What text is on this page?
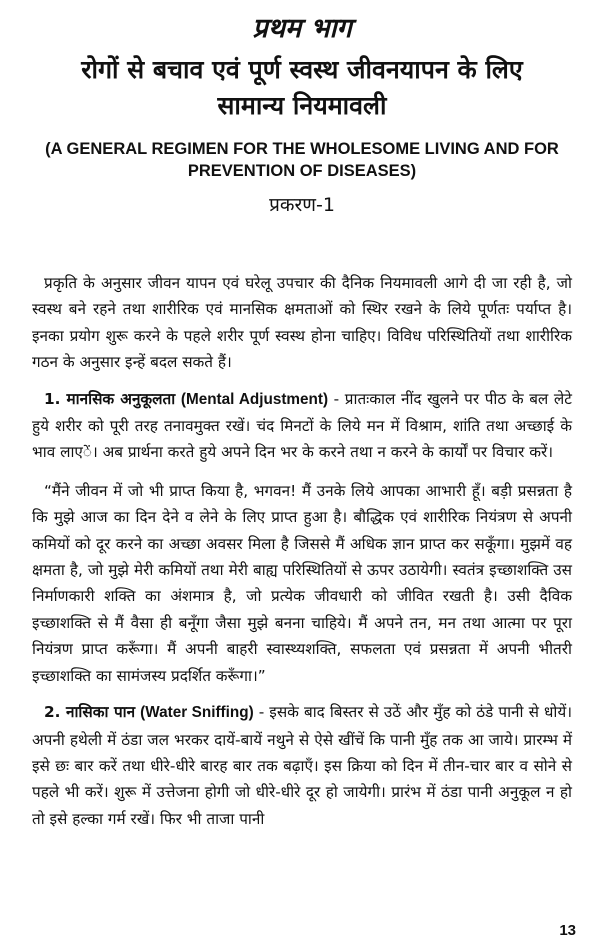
प्रथम भाग
रोगों से बचाव एवं पूर्ण स्वस्थ जीवनयापन के लिए
सामान्य नियमावली
(A GENERAL REGIMEN FOR THE WHOLESOME LIVING AND FOR
PREVENTION OF DISEASES)
प्रकरण-1

प्रकृति के अनुसार जीवन यापन एवं घरेलू उपचार की दैनिक नियमावली आगे दी जा रही है, जो स्वस्थ बने रहने तथा शारीरिक एवं मानसिक क्षमताओं को स्थिर रखने के लिये पूर्णतः पर्याप्त है। इनका प्रयोग शुरू करने के पहले शरीर पूर्ण स्वस्थ होना चाहिए। विविध परिस्थितियों तथा शारीरिक गठन के अनुसार इन्हें बदल सकते हैं।

1. मानसिक अनुकूलता (Mental Adjustment) - प्रातःकाल नींद खुलने पर पीठ के बल लेटे हुये शरीर को पूरी तरह तनावमुक्त रखें। चंद मिनटों के लिये मन में विश्राम, शांति तथा अच्छाई के भाव लाएें। अब प्रार्थना करते हुये अपने दिन भर के करने तथा न करने के कार्यों पर विचार करें।

“मैंने जीवन में जो भी प्राप्त किया है, भगवन! मैं उनके लिये आपका आभारी हूँ। बड़ी प्रसन्नता है कि मुझे आज का दिन देने व लेने के लिए प्राप्त हुआ है। बौद्धिक एवं शारीरिक नियंत्रण से अपनी कमियों को दूर करने का अच्छा अवसर मिला है जिससे मैं अधिक ज्ञान प्राप्त कर सकूँगा। मुझमें वह क्षमता है, जो मुझे मेरी कमियों तथा मेरी बाह्य परिस्थितियों से ऊपर उठायेगी। स्वतंत्र इच्छाशक्ति उस निर्माणकारी शक्ति का अंशमात्र है, जो प्रत्येक जीवधारी को जीवित रखती है। उसी दैविक इच्छाशक्ति से मैं वैसा ही बनूँगा जैसा मुझे बनना चाहिये। मैं अपने तन, मन तथा आत्मा पर पूरा नियंत्रण प्राप्त करूँगा। मैं अपनी बाहरी स्वास्थ्यशक्ति, सफलता एवं प्रसन्नता में अपनी भीतरी इच्छाशक्ति का सामंजस्य प्रदर्शित करूँगा।”

2. नासिका पान (Water Sniffing) - इसके बाद बिस्तर से उठें और मुँह को ठंडे पानी से धोयें। अपनी हथेली में ठंडा जल भरकर दायें-बायें नथुने से ऐसे खींचें कि पानी मुँह तक आ जाये। प्रारम्भ में इसे छः बार करें तथा धीरे-धीरे बारह बार तक बढ़ाएँ। इस क्रिया को दिन में तीन-चार बार व सोने से पहले भी करें। शुरू में उत्तेजना होगी जो धीरे-धीरे दूर हो जायेगी। प्रारंभ में ठंडा पानी अनुकूल न हो तो इसे हल्का गर्म रखें। फिर भी ताजा पानी

13
